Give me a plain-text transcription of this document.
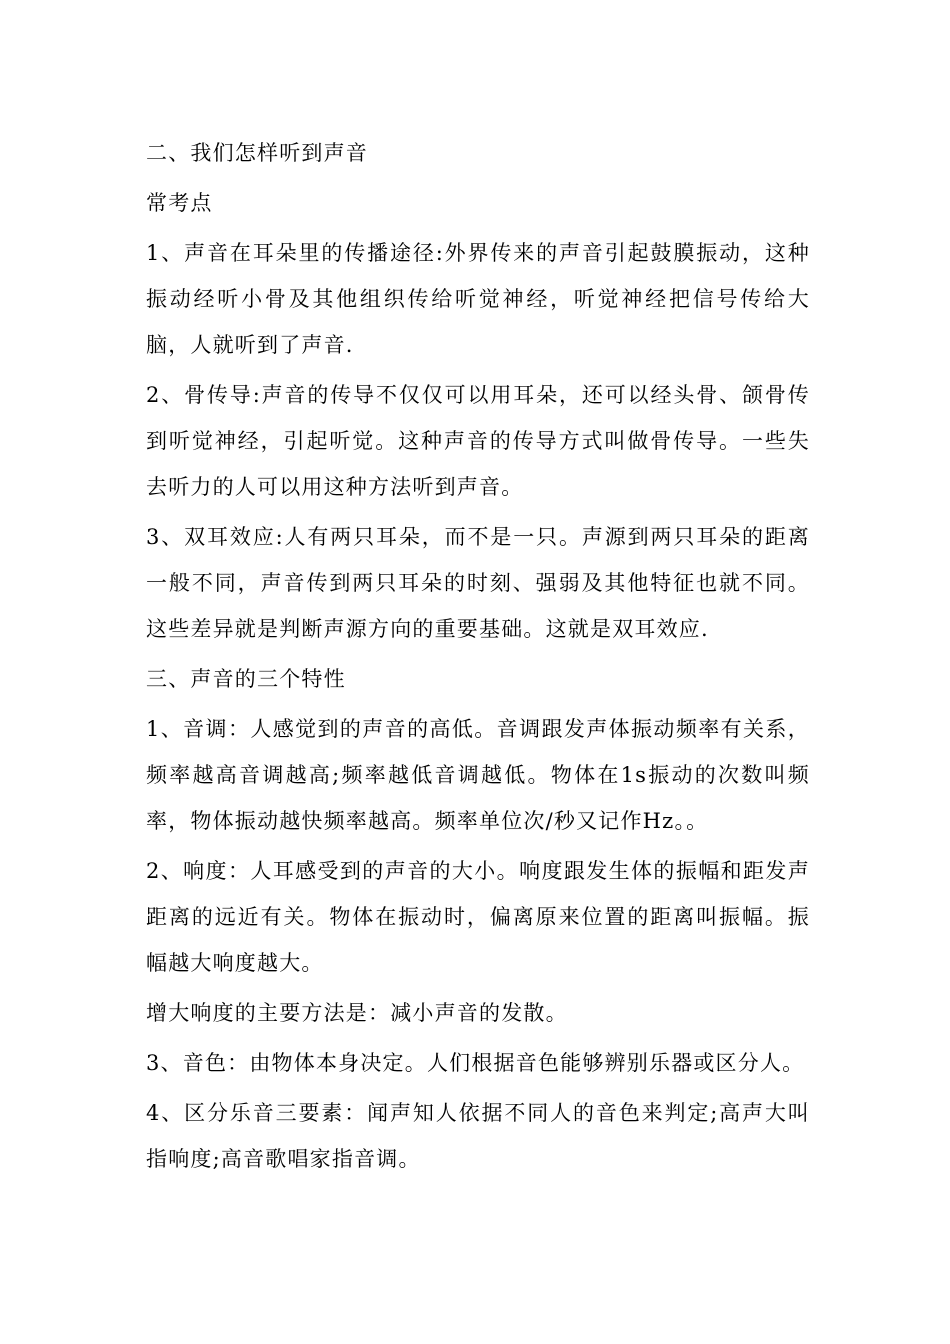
二、我们怎样听到声音

常考点

1、声音在耳朵里的传播途径:外界传来的声音引起鼓膜振动，这种振动经听小骨及其他组织传给听觉神经，听觉神经把信号传给大脑，人就听到了声音.

2、骨传导:声音的传导不仅仅可以用耳朵，还可以经头骨、颌骨传到听觉神经，引起听觉。这种声音的传导方式叫做骨传导。一些失去听力的人可以用这种方法听到声音。

3、双耳效应:人有两只耳朵，而不是一只。声源到两只耳朵的距离一般不同，声音传到两只耳朵的时刻、强弱及其他特征也就不同。这些差异就是判断声源方向的重要基础。这就是双耳效应.

三、声音的三个特性

1、音调：人感觉到的声音的高低。音调跟发声体振动频率有关系，频率越高音调越高;频率越低音调越低。物体在1s振动的次数叫频率，物体振动越快频率越高。频率单位次/秒又记作Hz。。

2、响度：人耳感受到的声音的大小。响度跟发生体的振幅和距发声距离的远近有关。物体在振动时，偏离原来位置的距离叫振幅。振幅越大响度越大。

增大响度的主要方法是：减小声音的发散。

3、音色：由物体本身决定。人们根据音色能够辨别乐器或区分人。

4、区分乐音三要素：闻声知人依据不同人的音色来判定;高声大叫指响度;高音歌唱家指音调。
